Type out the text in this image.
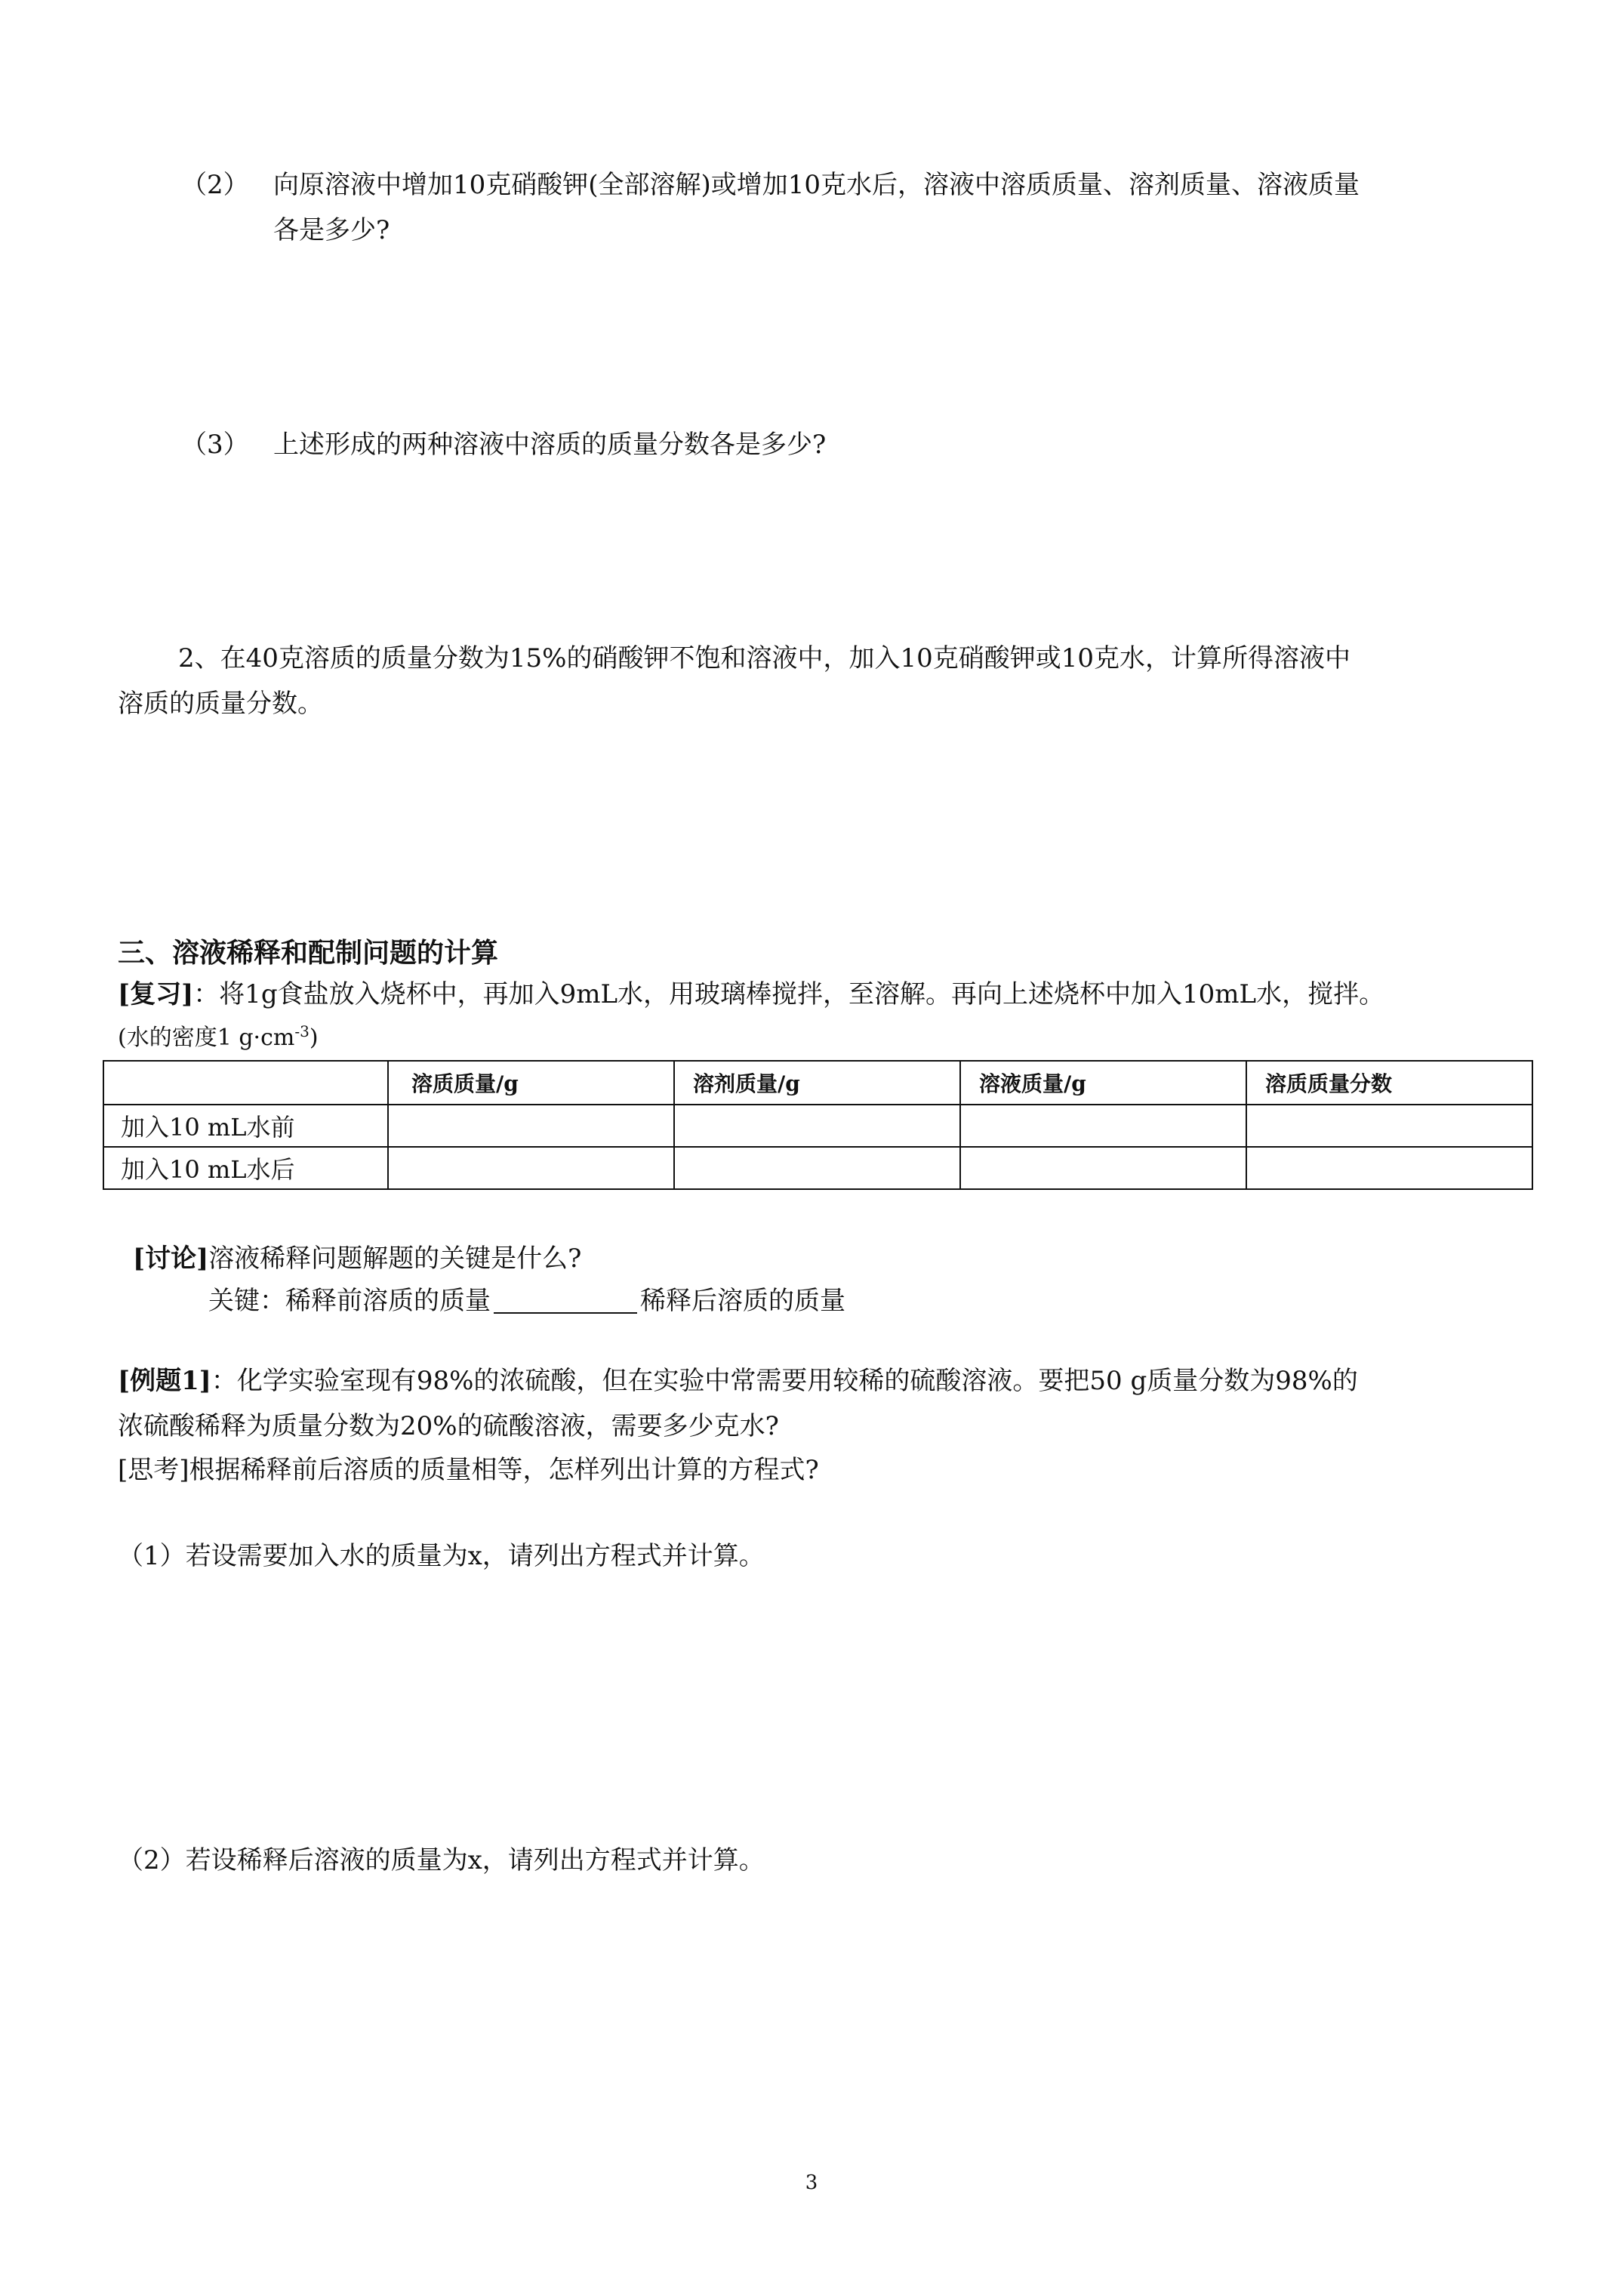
（2） 向原溶液中增加10克硝酸钾(全部溶解)或增加10克水后，溶液中溶质质量、溶剂质量、溶液质量
各是多少?
（3） 上述形成的两种溶液中溶质的质量分数各是多少?
2、在40克溶质的质量分数为15%的硝酸钾不饱和溶液中，加入10克硝酸钾或10克水，计算所得溶液中
溶质的质量分数。
三、溶液稀释和配制问题的计算
[复习]：将1g食盐放入烧杯中，再加入9mL水，用玻璃棒搅拌，至溶解。再向上述烧杯中加入10mL水，搅拌。
(水的密度1 $g\cdot cm^{-3}$)
	溶质质量/g	溶剂质量/g	溶液质量/g	溶质质量分数
加入10 mL水前				
加入10 mL水后				
[讨论]溶液稀释问题解题的关键是什么?
关键：稀释前溶质的质量	稀释后溶质的质量
[例题1]：化学实验室现有98%的浓硫酸，但在实验中常需要用较稀的硫酸溶液。要把50 g质量分数为98%的
浓硫酸稀释为质量分数为20%的硫酸溶液，需要多少克水?
[思考]根据稀释前后溶质的质量相等，怎样列出计算的方程式?
（1）若设需要加入水的质量为x，请列出方程式并计算。
（2）若设稀释后溶液的质量为x，请列出方程式并计算。
3
